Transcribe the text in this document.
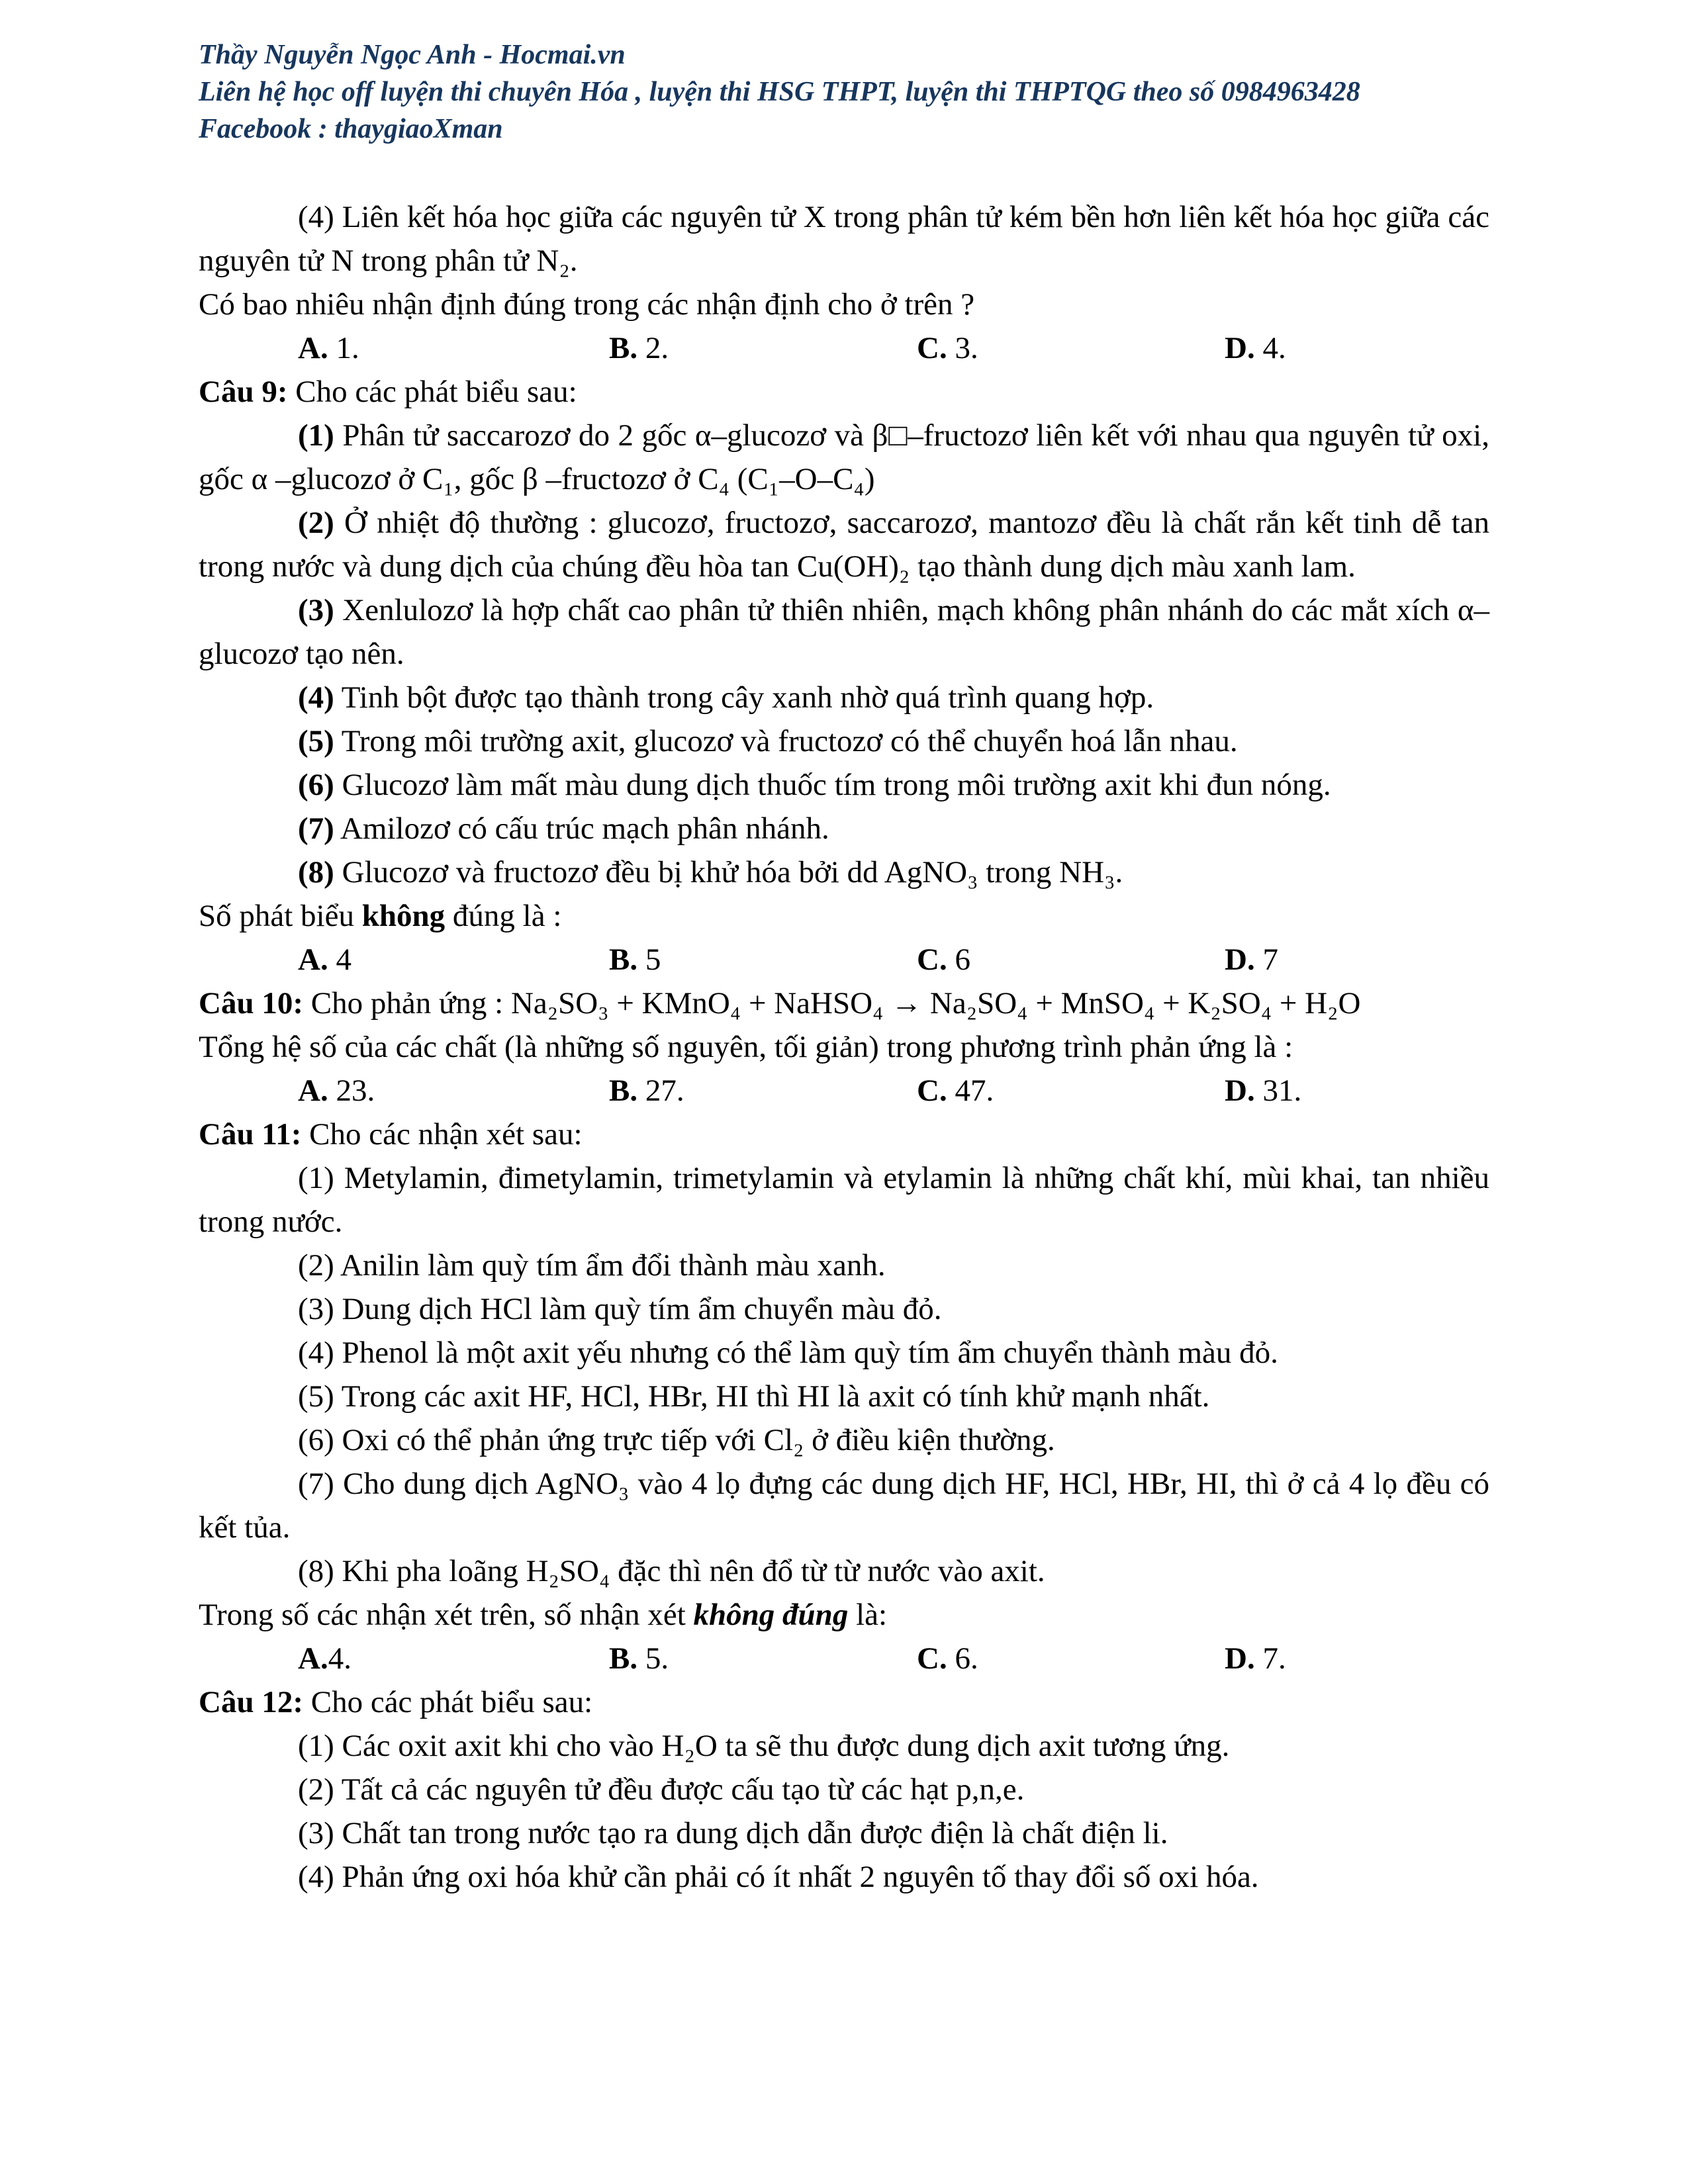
Thầy Nguyễn Ngọc Anh - Hocmai.vn
Liên hệ học off luyện thi chuyên Hóa , luyện thi HSG THPT, luyện thi THPTQG theo số 0984963428
Facebook : thaygiaoXman
(4) Liên kết hóa học giữa các nguyên tử X trong phân tử kém bền hơn liên kết hóa học giữa các nguyên tử N trong phân tử N₂.
Có bao nhiêu nhận định đúng trong các nhận định cho ở trên ?
A. 1.	B. 2.	C. 3.	D. 4.
Câu 9: Cho các phát biểu sau:
(1) Phân tử saccarozơ do 2 gốc α–glucozơ và β□–fructozơ liên kết với nhau qua nguyên tử oxi, gốc α –glucozơ ở C₁, gốc β –fructozơ ở C₄ (C₁–O–C₄)
(2) Ở nhiệt độ thường : glucozơ, fructozơ, saccarozơ, mantozơ đều là chất rắn kết tinh dễ tan trong nước và dung dịch của chúng đều hòa tan Cu(OH)₂ tạo thành dung dịch màu xanh lam.
(3) Xenlulozơ là hợp chất cao phân tử thiên nhiên, mạch không phân nhánh do các mắt xích α–glucozơ tạo nên.
(4) Tinh bột được tạo thành trong cây xanh nhờ quá trình quang hợp.
(5) Trong môi trường axit, glucozơ và fructozơ có thể chuyển hoá lẫn nhau.
(6) Glucozơ làm mất màu dung dịch thuốc tím trong môi trường axit khi đun nóng.
(7) Amilozơ có cấu trúc mạch phân nhánh.
(8) Glucozơ và fructozơ đều bị khử hóa bởi dd AgNO₃ trong NH₃.
Số phát biểu không đúng là :
A. 4	B. 5	C. 6	D. 7
Câu 10: Cho phản ứng : Na₂SO₃ + KMnO₄ + NaHSO₄ → Na₂SO₄ + MnSO₄ + K₂SO₄ + H₂O
Tổng hệ số của các chất (là những số nguyên, tối giản) trong phương trình phản ứng là :
A. 23.	B. 27.	C. 47.	D. 31.
Câu 11: Cho các nhận xét sau:
(1) Metylamin, đimetylamin, trimetylamin và etylamin là những chất khí, mùi khai, tan nhiều trong nước.
(2) Anilin làm quỳ tím ẩm đổi thành màu xanh.
(3) Dung dịch HCl làm quỳ tím ẩm chuyển màu đỏ.
(4) Phenol là một axit yếu nhưng có thể làm quỳ tím ẩm chuyển thành màu đỏ.
(5) Trong các axit HF, HCl, HBr, HI thì HI là axit có tính khử mạnh nhất.
(6) Oxi có thể phản ứng trực tiếp với Cl₂ ở điều kiện thường.
(7) Cho dung dịch AgNO₃ vào 4 lọ đựng các dung dịch HF, HCl, HBr, HI, thì ở cả 4 lọ đều có kết tủa.
(8) Khi pha loãng H₂SO₄ đặc thì nên đổ từ từ nước vào axit.
Trong số các nhận xét trên, số nhận xét không đúng là:
A.4.	B. 5.	C. 6.	D. 7.
Câu 12: Cho các phát biểu sau:
(1) Các oxit axit khi cho vào H₂O ta sẽ thu được dung dịch axit tương ứng.
(2) Tất cả các nguyên tử đều được cấu tạo từ các hạt p,n,e.
(3) Chất tan trong nước tạo ra dung dịch dẫn được điện là chất điện li.
(4) Phản ứng oxi hóa khử cần phải có ít nhất 2 nguyên tố thay đổi số oxi hóa.
